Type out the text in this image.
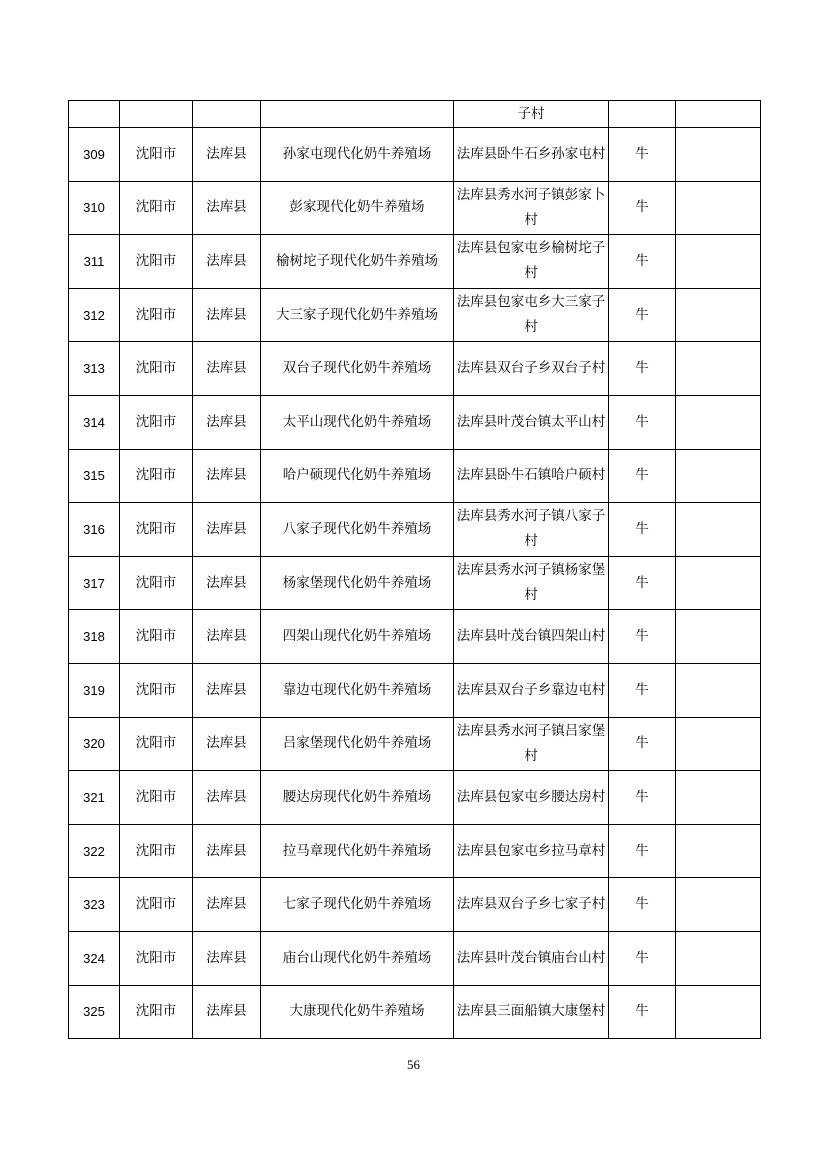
				子村		
309	沈阳市	法库县	孙家屯现代化奶牛养殖场	法库县卧牛石乡孙家屯村	牛	
310	沈阳市	法库县	彭家现代化奶牛养殖场	法库县秀水河子镇彭家卜村	牛	
311	沈阳市	法库县	榆树坨子现代化奶牛养殖场	法库县包家屯乡榆树坨子村	牛	
312	沈阳市	法库县	大三家子现代化奶牛养殖场	法库县包家屯乡大三家子村	牛	
313	沈阳市	法库县	双台子现代化奶牛养殖场	法库县双台子乡双台子村	牛	
314	沈阳市	法库县	太平山现代化奶牛养殖场	法库县叶茂台镇太平山村	牛	
315	沈阳市	法库县	哈户硕现代化奶牛养殖场	法库县卧牛石镇哈户硕村	牛	
316	沈阳市	法库县	八家子现代化奶牛养殖场	法库县秀水河子镇八家子村	牛	
317	沈阳市	法库县	杨家堡现代化奶牛养殖场	法库县秀水河子镇杨家堡村	牛	
318	沈阳市	法库县	四架山现代化奶牛养殖场	法库县叶茂台镇四架山村	牛	
319	沈阳市	法库县	靠边屯现代化奶牛养殖场	法库县双台子乡靠边屯村	牛	
320	沈阳市	法库县	吕家堡现代化奶牛养殖场	法库县秀水河子镇吕家堡村	牛	
321	沈阳市	法库县	腰达房现代化奶牛养殖场	法库县包家屯乡腰达房村	牛	
322	沈阳市	法库县	拉马章现代化奶牛养殖场	法库县包家屯乡拉马章村	牛	
323	沈阳市	法库县	七家子现代化奶牛养殖场	法库县双台子乡七家子村	牛	
324	沈阳市	法库县	庙台山现代化奶牛养殖场	法库县叶茂台镇庙台山村	牛	
325	沈阳市	法库县	大康现代化奶牛养殖场	法库县三面船镇大康堡村	牛	
56
